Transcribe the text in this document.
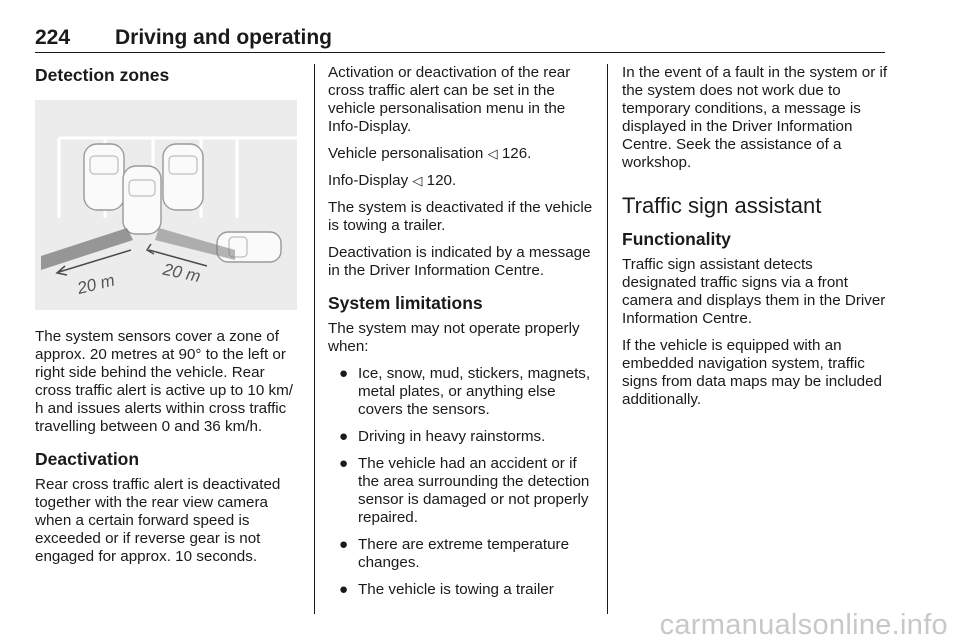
224 Driving and operating
Detection zones
20 m	20 m

The system sensors cover a zone of approx. 20 metres at 90° to the left or right side behind the vehicle. Rear cross traffic alert is active up to 10 km/ h and issues alerts within cross traffic travelling between 0 and 36 km/h.

Deactivation

Rear cross traffic alert is deactivated together with the rear view camera when a certain forward speed is exceeded or if reverse gear is not engaged for approx. 10 seconds.

Activation or deactivation of the rear cross traffic alert can be set in the vehicle personalisation menu in the Info-Display.

Vehicle personalisation ◁ 126.

Info-Display ◁ 120.

The system is deactivated if the vehicle is towing a trailer.

Deactivation is indicated by a message in the Driver Information Centre.

System limitations

The system may not operate properly when:

● Ice, snow, mud, stickers, magnets, metal plates, or anything else covers the sensors.
● Driving in heavy rainstorms.
● The vehicle had an accident or if the area surrounding the detection sensor is damaged or not properly repaired.
● There are extreme temperature changes.
● The vehicle is towing a trailer

In the event of a fault in the system or if the system does not work due to temporary conditions, a message is displayed in the Driver Information Centre. Seek the assistance of a workshop.

Traffic sign assistant
Functionality

Traffic sign assistant detects designated traffic signs via a front camera and displays them in the Driver Information Centre.

If the vehicle is equipped with an embedded navigation system, traffic signs from data maps may be included additionally.

carmanualsonline.info
